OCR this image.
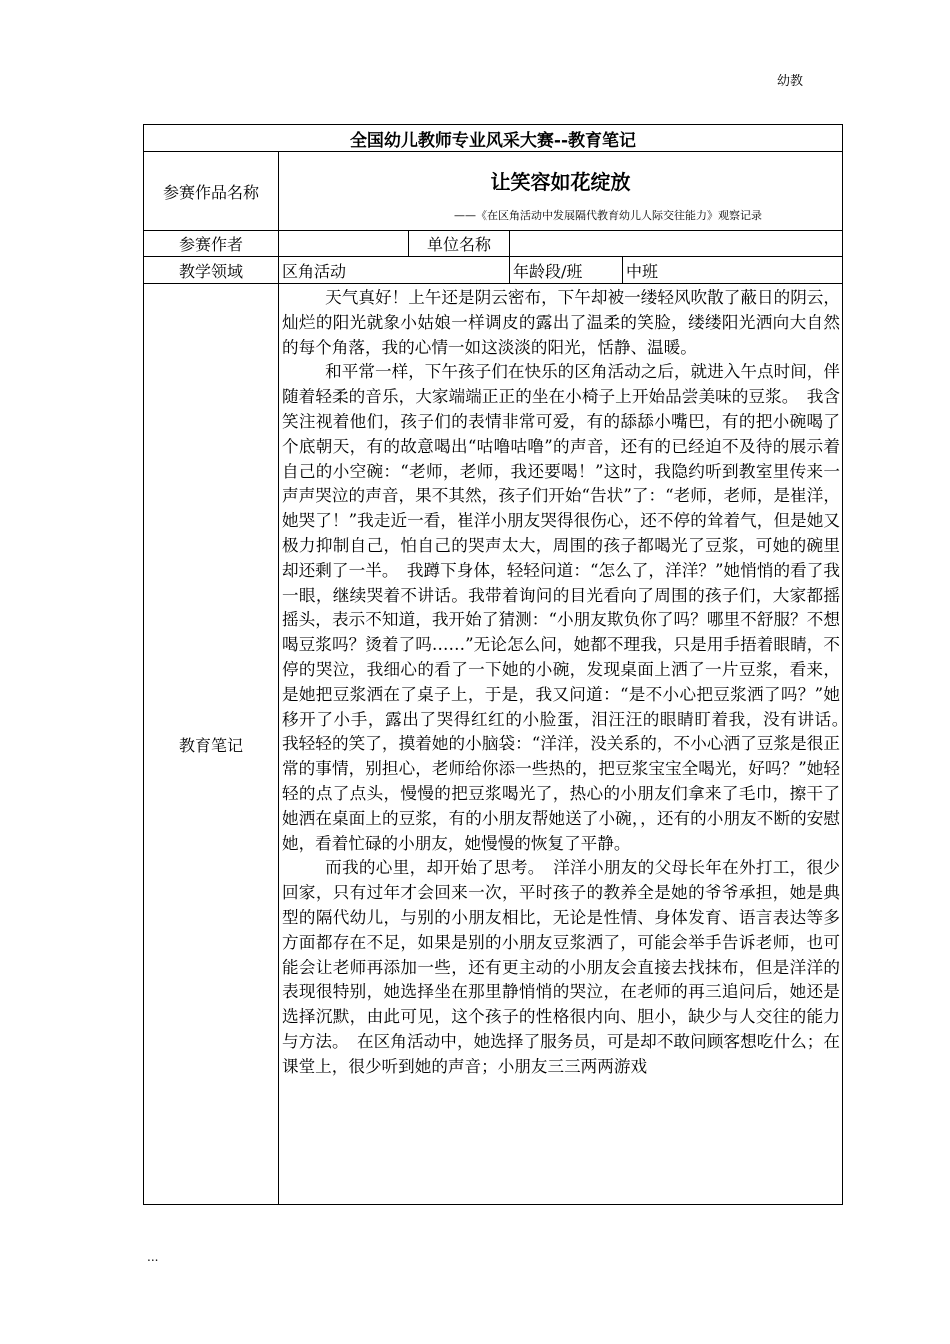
幼教
全国幼儿教师专业风采大赛--教育笔记				
参赛作品名称	让笑容如花绽放
——《在区角活动中发展隔代教育幼儿人际交往能力》观察记录			

参赛作者		单位名称		
教学领域	区角活动		年龄段/班	中班
教育笔记	天气真好！上午还是阴云密布，下午却被一缕轻风吹散了蔽日的阴云，灿烂的阳光就象小姑娘一样调皮的露出了温柔的笑脸，缕缕阳光洒向大自然的每个角落，我的心情一如这淡淡的阳光，恬静、温暖。

和平常一样，下午孩子们在快乐的区角活动之后，就进入午点时间，伴随着轻柔的音乐，大家端端正正的坐在小椅子上开始品尝美味的豆浆。　我含笑注视着他们，孩子们的表情非常可爱，有的舔舔小嘴巴，有的把小碗喝了个底朝天，有的故意喝出“咕噜咕噜”的声音，还有的已经迫不及待的展示着自己的小空碗：“老师，老师，我还要喝！”这时，我隐约听到教室里传来一声声哭泣的声音，果不其然，孩子们开始“告状”了：“老师，老师，是崔洋，她哭了！”我走近一看，崔洋小朋友哭得很伤心，还不停的耸着气，但是她又极力抑制自己，怕自己的哭声太大，周围的孩子都喝光了豆浆，可她的碗里却还剩了一半。　我蹲下身体，轻轻问道：“怎么了，洋洋？”她悄悄的看了我一眼，继续哭着不讲话。我带着询问的目光看向了周围的孩子们，大家都摇摇头，表示不知道，我开始了猜测：“小朋友欺负你了吗？哪里不舒服？不想喝豆浆吗？烫着了吗……”无论怎么问，她都不理我，只是用手捂着眼睛，不停的哭泣，我细心的看了一下她的小碗，发现桌面上洒了一片豆浆，看来，是她把豆浆洒在了桌子上，于是，我又问道：“是不小心把豆浆洒了吗？”她移开了小手，露出了哭得红红的小脸蛋，泪汪汪的眼睛盯着我，没有讲话。　我轻轻的笑了，摸着她的小脑袋：“洋洋，没关系的，不小心洒了豆浆是很正常的事情，别担心，老师给你添一些热的，把豆浆宝宝全喝光，好吗？”她轻轻的点了点头，慢慢的把豆浆喝光了，热心的小朋友们拿来了毛巾，擦干了她洒在桌面上的豆浆，有的小朋友帮她送了小碗，，还有的小朋友不断的安慰她，看着忙碌的小朋友，她慢慢的恢复了平静。

而我的心里，却开始了思考。　洋洋小朋友的父母长年在外打工，很少回家，只有过年才会回来一次，平时孩子的教养全是她的爷爷承担，她是典型的隔代幼儿，与别的小朋友相比，无论是性情、身体发育、语言表达等多方面都存在不足，如果是别的小朋友豆浆洒了，可能会举手告诉老师，也可能会让老师再添加一些，还有更主动的小朋友会直接去找抹布，但是洋洋的表现很特别，她选择坐在那里静悄悄的哭泣，在老师的再三追问后，她还是选择沉默，由此可见，这个孩子的性格很内向、胆小，缺少与人交往的能力与方法。　在区角活动中，她选择了服务员，可是却不敢问顾客想吃什么；在课堂上，很少听到她的声音；小朋友三三两两游戏			

...
